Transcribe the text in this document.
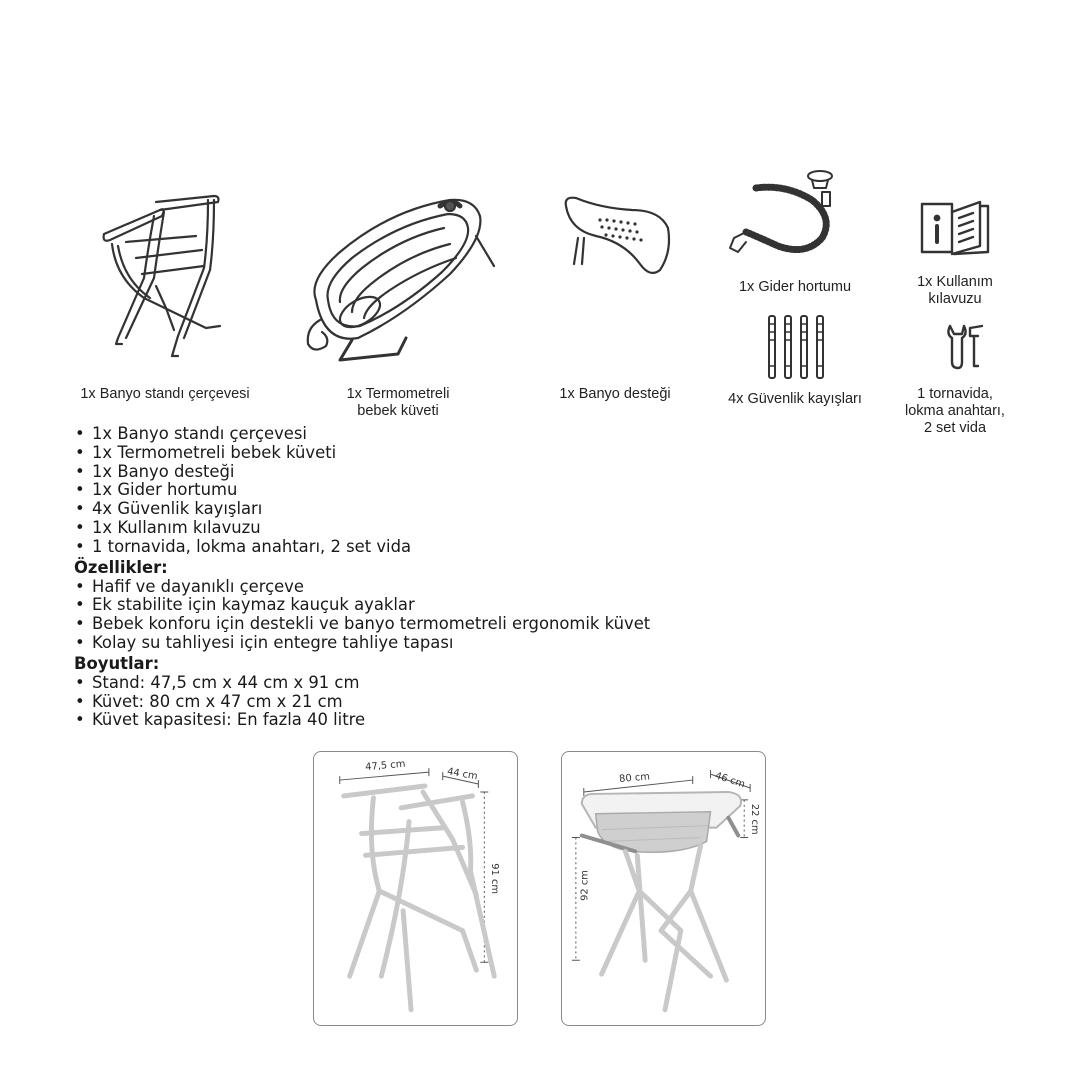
1x Banyo standı çerçevesi	1x Termometreli
bebek küveti
1x Banyo desteği
1x Gider hortumu	1x Kullanım
kılavuzu
4x Güvenlik kayışları	1 tornavida,
lokma anahtarı,
2 set vida
• 1x Banyo standı çerçevesi
• 1x Termometreli bebek küveti
• 1x Banyo desteği
• 1x Gider hortumu
• 4x Güvenlik kayışları
• 1x Kullanım kılavuzu
• 1 tornavida, lokma anahtarı, 2 set vida
Özellikler:
• Hafif ve dayanıklı çerçeve
• Ek stabilite için kaymaz kauçuk ayaklar
• Bebek konforu için destekli ve banyo termometreli ergonomik küvet
• Kolay su tahliyesi için entegre tahliye tapası
Boyutlar:
• Stand: 47,5 cm x 44 cm x 91 cm
• Küvet: 80 cm x 47 cm x 21 cm
• Küvet kapasitesi: En fazla 40 litre
47,5 cm
44 cm
91 cm
80 cm	46 cm
22 cm
92 cm
